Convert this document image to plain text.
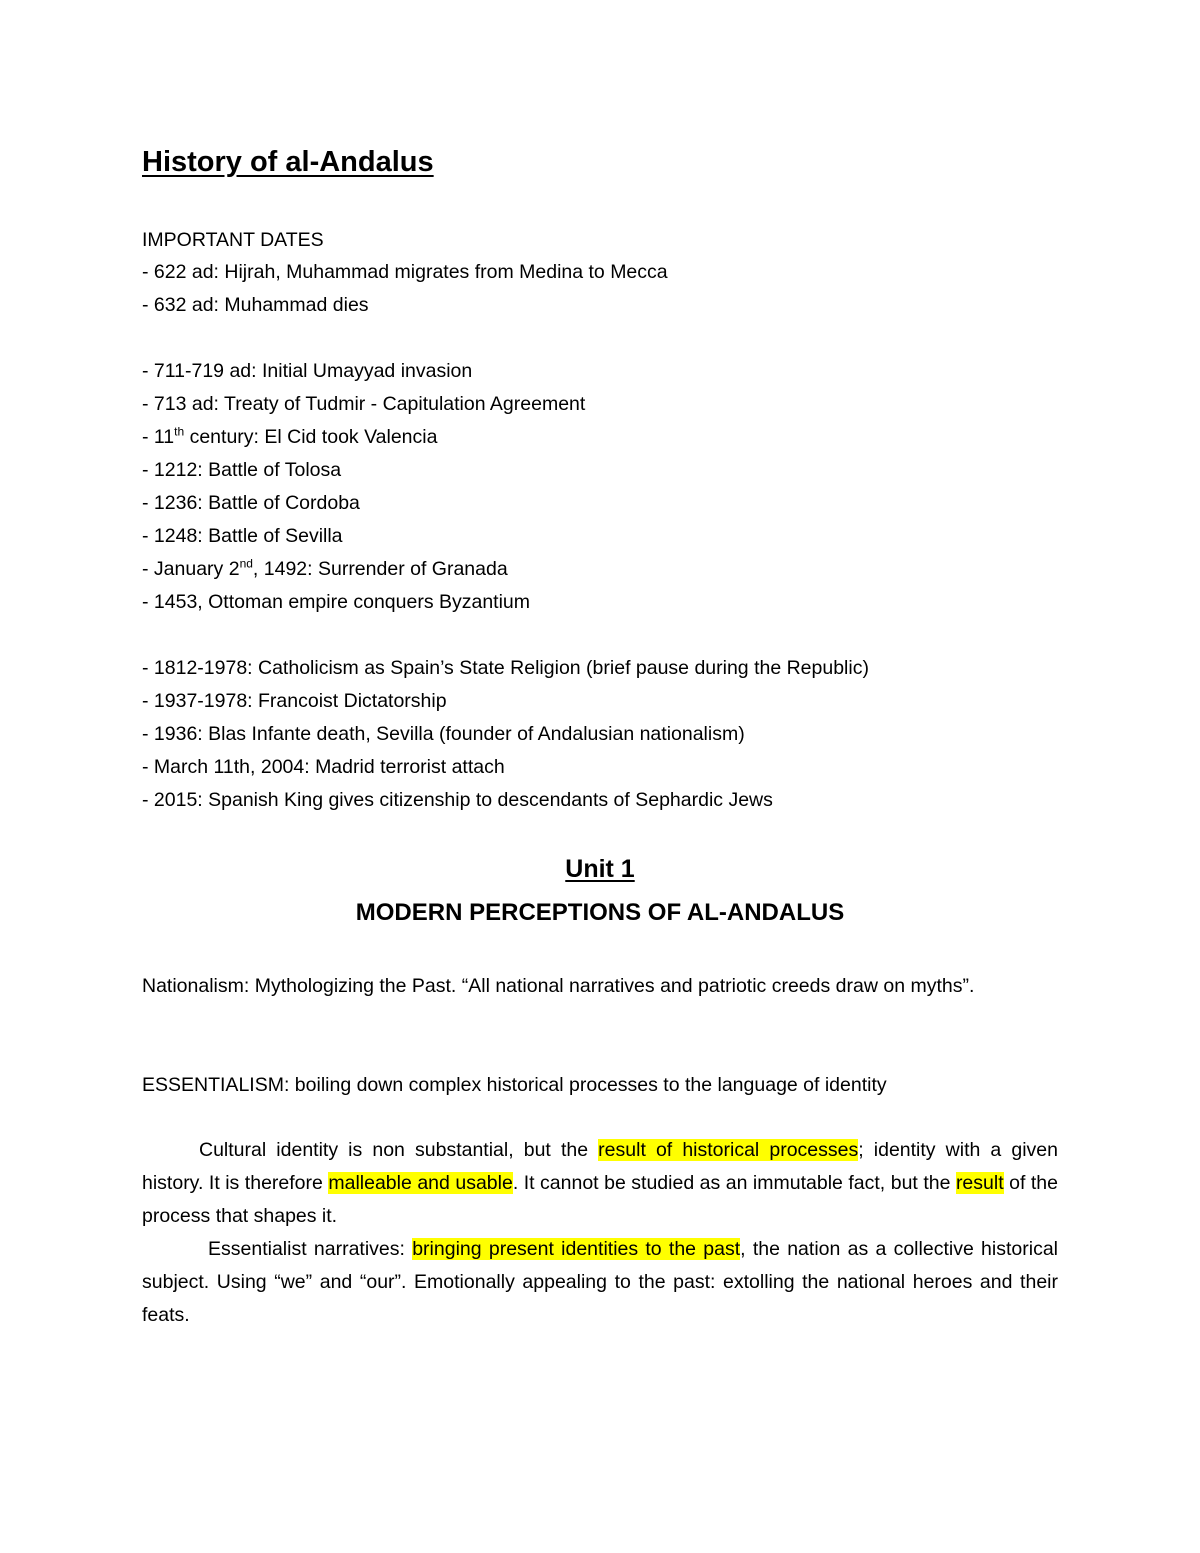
History of al-Andalus
IMPORTANT DATES
- 622 ad: Hijrah, Muhammad migrates from Medina to Mecca
- 632 ad: Muhammad dies
- 711-719 ad: Initial Umayyad invasion
- 713 ad: Treaty of Tudmir - Capitulation Agreement
- 11th century: El Cid took Valencia
- 1212: Battle of Tolosa
- 1236: Battle of Cordoba
- 1248: Battle of Sevilla
- January 2nd, 1492: Surrender of Granada
- 1453, Ottoman empire conquers Byzantium
- 1812-1978: Catholicism as Spain’s State Religion (brief pause during the Republic)
- 1937-1978: Francoist Dictatorship
- 1936: Blas Infante death, Sevilla (founder of Andalusian nationalism)
- March 11th, 2004: Madrid terrorist attach
- 2015: Spanish King gives citizenship to descendants of Sephardic Jews
Unit 1
MODERN PERCEPTIONS OF AL-ANDALUS
Nationalism: Mythologizing the Past. “All national narratives and patriotic creeds draw on myths”.
ESSENTIALISM: boiling down complex historical processes to the language of identity
Cultural identity is non substantial, but the result of historical processes; identity with a given history. It is therefore malleable and usable. It cannot be studied as an immutable fact, but the result of the process that shapes it.
Essentialist narratives: bringing present identities to the past, the nation as a collective historical subject. Using “we” and “our”. Emotionally appealing to the past: extolling the national heroes and their feats.
